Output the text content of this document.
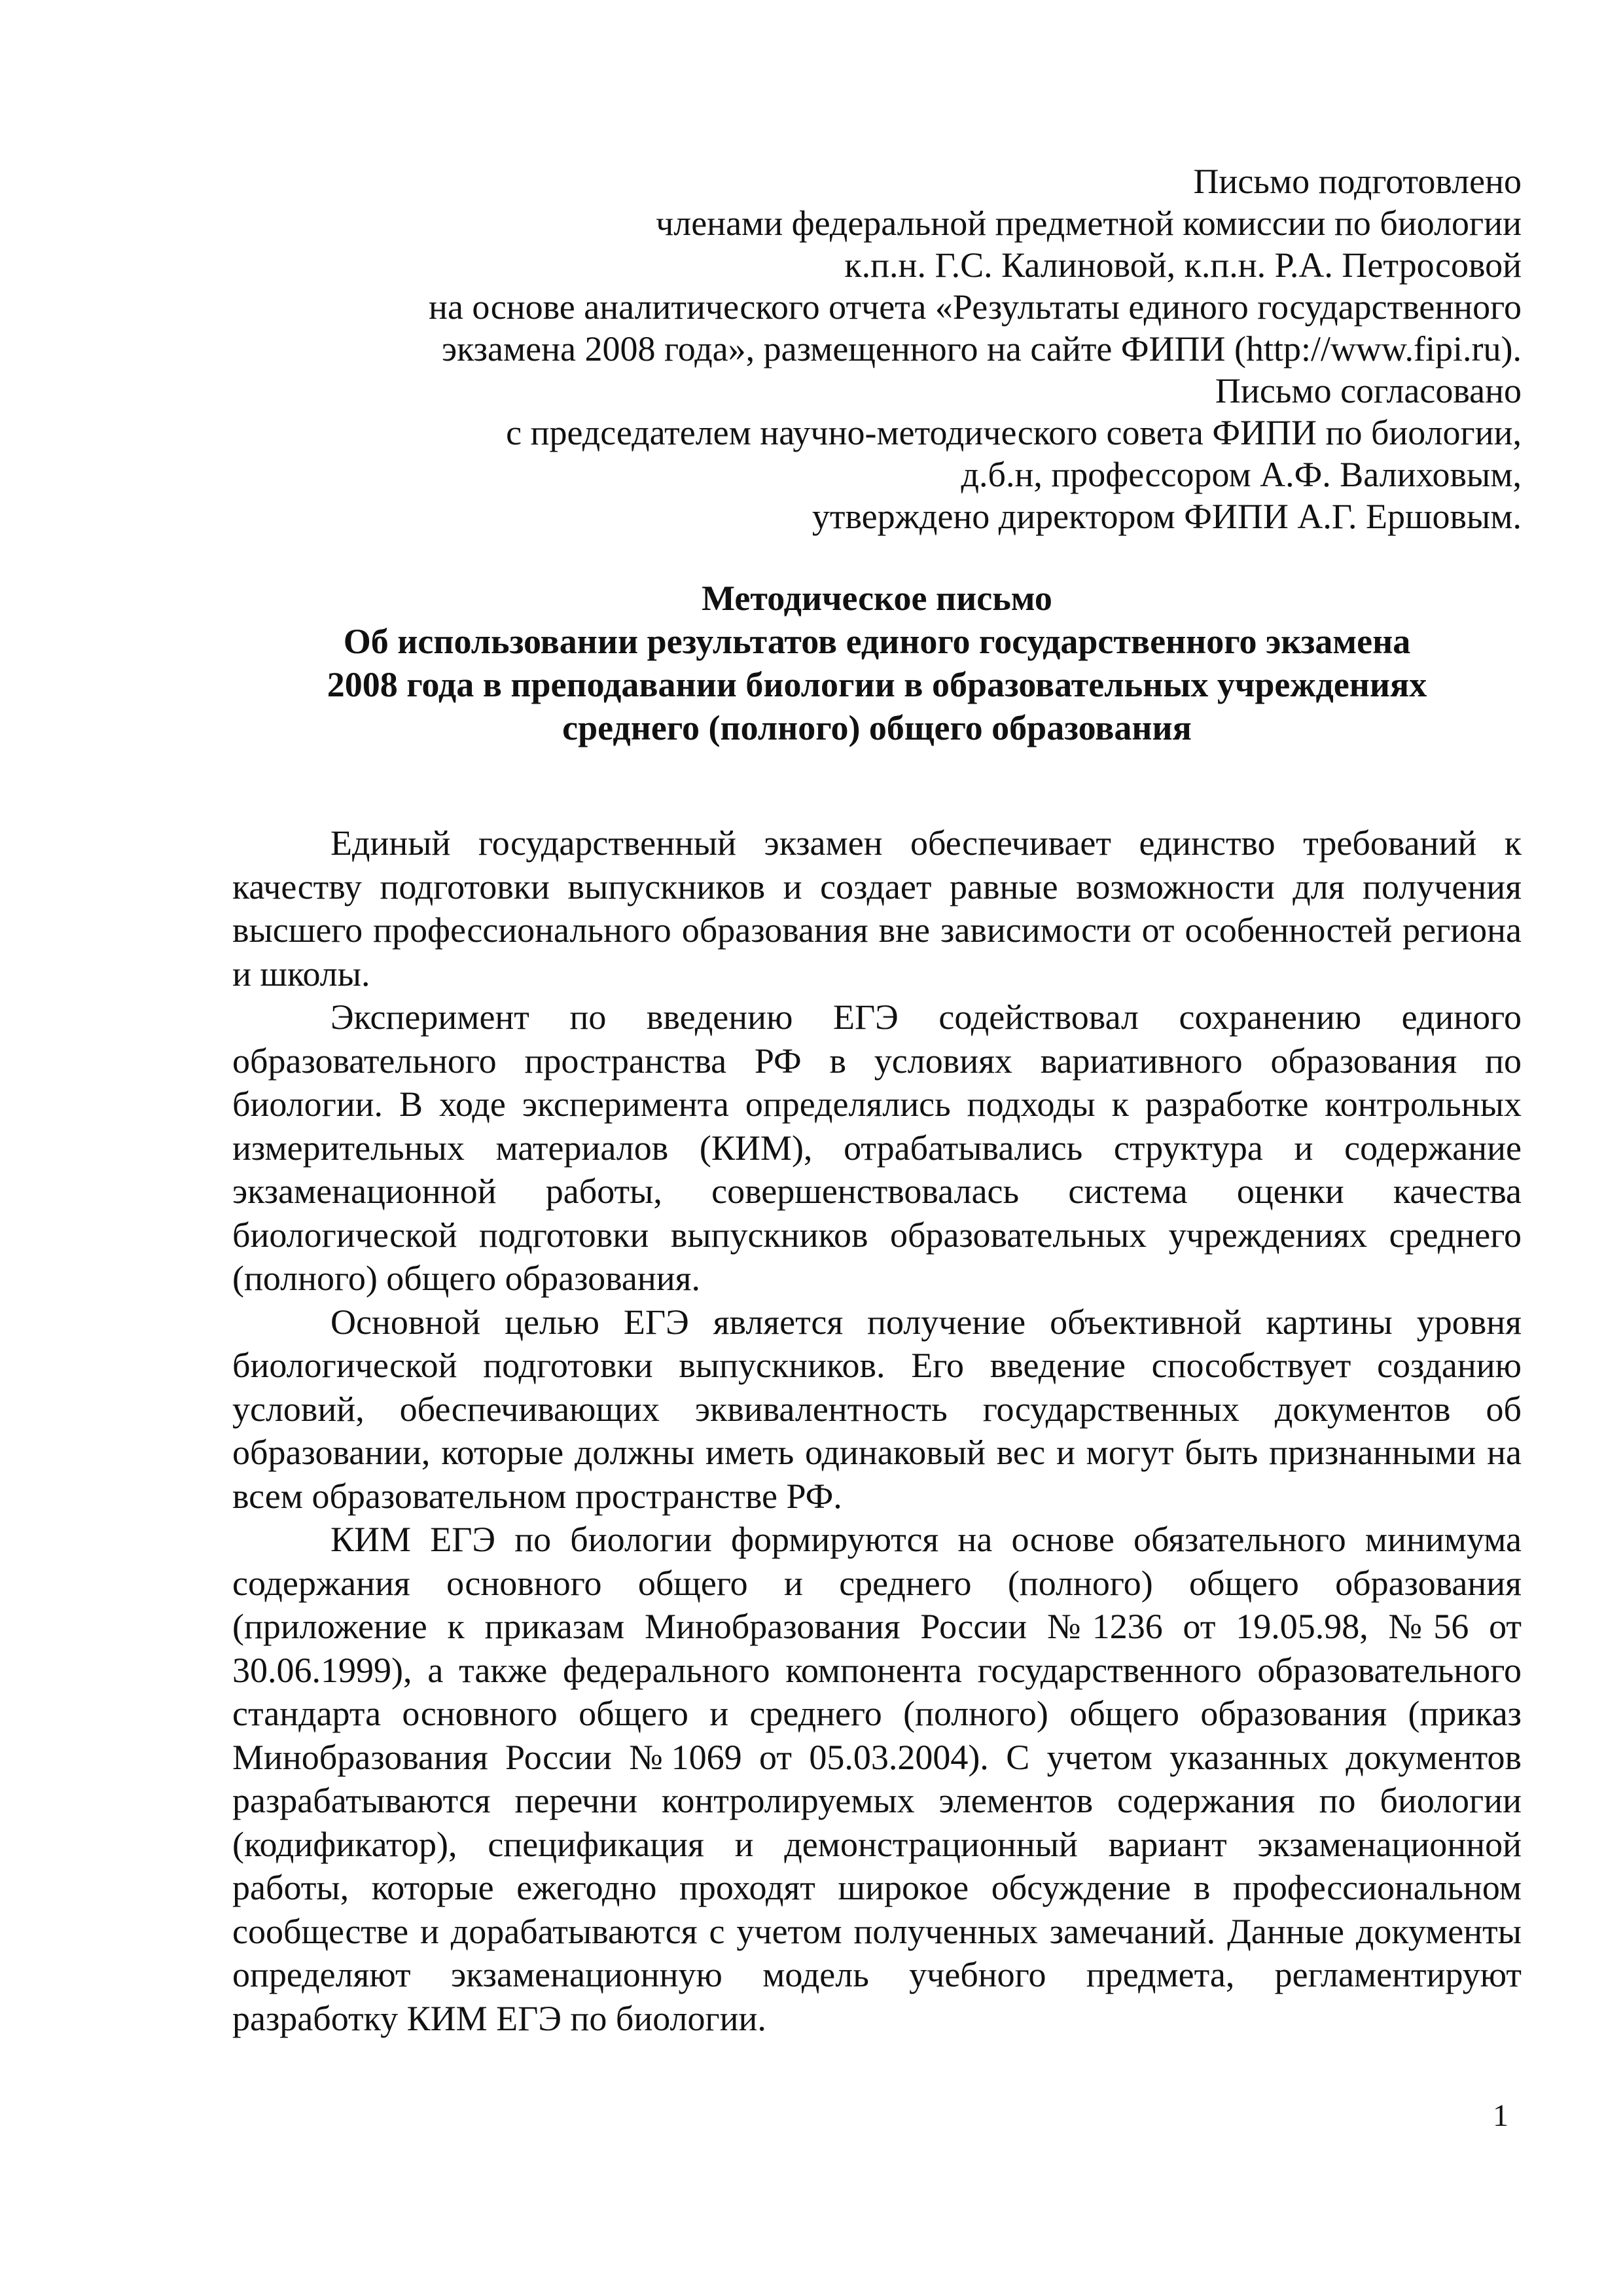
Письмо подготовлено

членами федеральной предметной комиссии по биологии

к.п.н. Г.С. Калиновой, к.п.н. Р.А. Петросовой

на основе аналитического отчета «Результаты единого государственного

экзамена 2008 года», размещенного на сайте ФИПИ (http://www.fipi.ru).

Письмо согласовано

с председателем научно-методического совета ФИПИ по биологии,

д.б.н, профессором А.Ф. Валиховым,

утверждено директором ФИПИ А.Г. Ершовым.

Методическое письмо

Об использовании результатов единого государственного экзамена

2008 года в преподавании биологии в образовательных учреждениях

среднего (полного) общего образования

Единый государственный экзамен обеспечивает единство требований к качеству подготовки выпускников и создает равные возможности для получения высшего профессионального образования вне зависимости от особенностей региона и школы.

Эксперимент по введению ЕГЭ содействовал сохранению единого образовательного пространства РФ в условиях вариативного образования по биологии. В ходе эксперимента определялись подходы к разработке контрольных измерительных материалов (КИМ), отрабатывались структура и содержание экзаменационной работы, совершенствовалась система оценки качества биологической подготовки выпускников образовательных учреждениях среднего (полного) общего образования.

Основной целью ЕГЭ является получение объективной картины уровня биологической подготовки выпускников. Его введение способствует созданию условий, обеспечивающих эквивалентность государственных документов об образовании, которые должны иметь одинаковый вес и могут быть признанными на всем образовательном пространстве РФ.

КИМ ЕГЭ по биологии формируются на основе обязательного минимума содержания основного общего и среднего (полного) общего образования (приложение к приказам Минобразования России №1236 от 19.05.98, №56 от 30.06.1999), а также федерального компонента государственного образовательного стандарта основного общего и среднего (полного) общего образования (приказ Минобразования России №1069 от 05.03.2004). С учетом указанных документов разрабатываются перечни контролируемых элементов содержания по биологии (кодификатор), спецификация и демонстрационный вариант экзаменационной работы, которые ежегодно проходят широкое обсуждение в профессиональном сообществе и дорабатываются с учетом полученных замечаний. Данные документы определяют экзаменационную модель учебного предмета, регламентируют разработку КИМ ЕГЭ по биологии.

1
